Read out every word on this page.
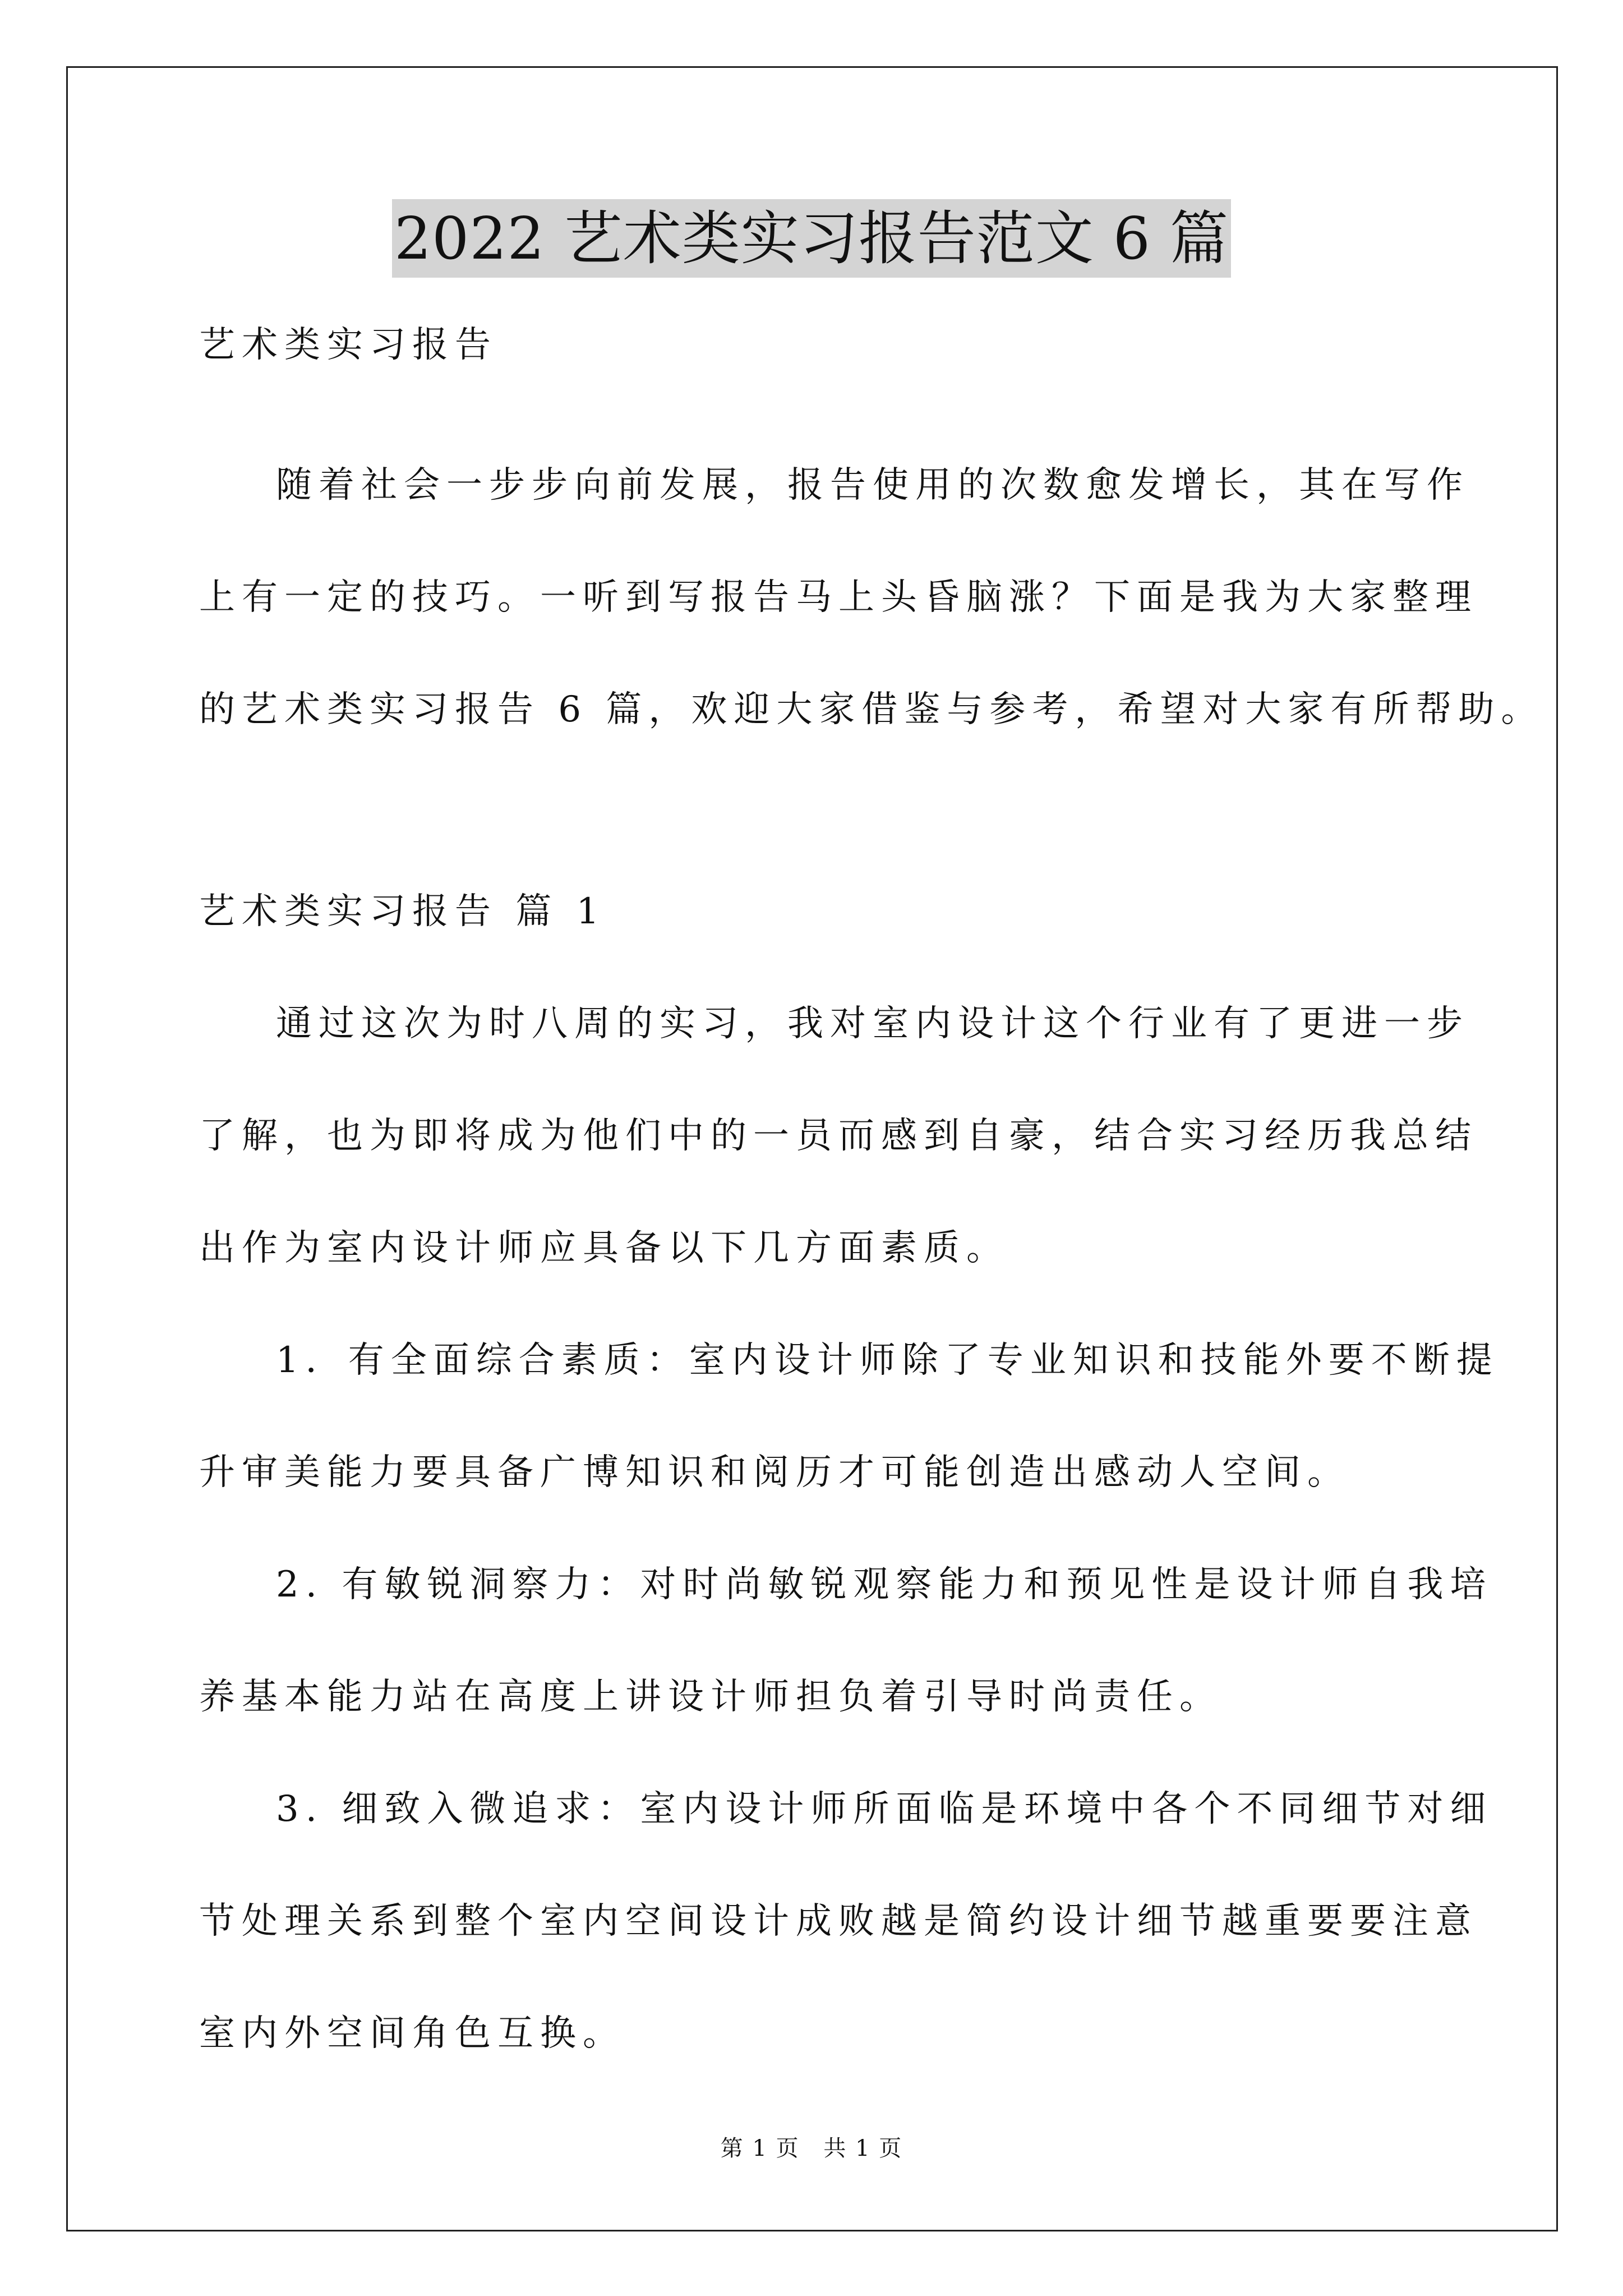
2022 艺术类实习报告范文 6 篇
艺术类实习报告
随着社会一步步向前发展，报告使用的次数愈发增长，其在写作
上有一定的技巧。一听到写报告马上头昏脑涨？下面是我为大家整理
的艺术类实习报告 6 篇，欢迎大家借鉴与参考，希望对大家有所帮助。
艺术类实习报告 篇 1
通过这次为时八周的实习，我对室内设计这个行业有了更进一步
了解，也为即将成为他们中的一员而感到自豪，结合实习经历我总结
出作为室内设计师应具备以下几方面素质。
1．有全面综合素质：室内设计师除了专业知识和技能外要不断提
升审美能力要具备广博知识和阅历才可能创造出感动人空间。
2. 有敏锐洞察力：对时尚敏锐观察能力和预见性是设计师自我培
养基本能力站在高度上讲设计师担负着引导时尚责任。
3. 细致入微追求：室内设计师所面临是环境中各个不同细节对细
节处理关系到整个室内空间设计成败越是简约设计细节越重要要注意
室内外空间角色互换。
第 1 页 共 1 页
